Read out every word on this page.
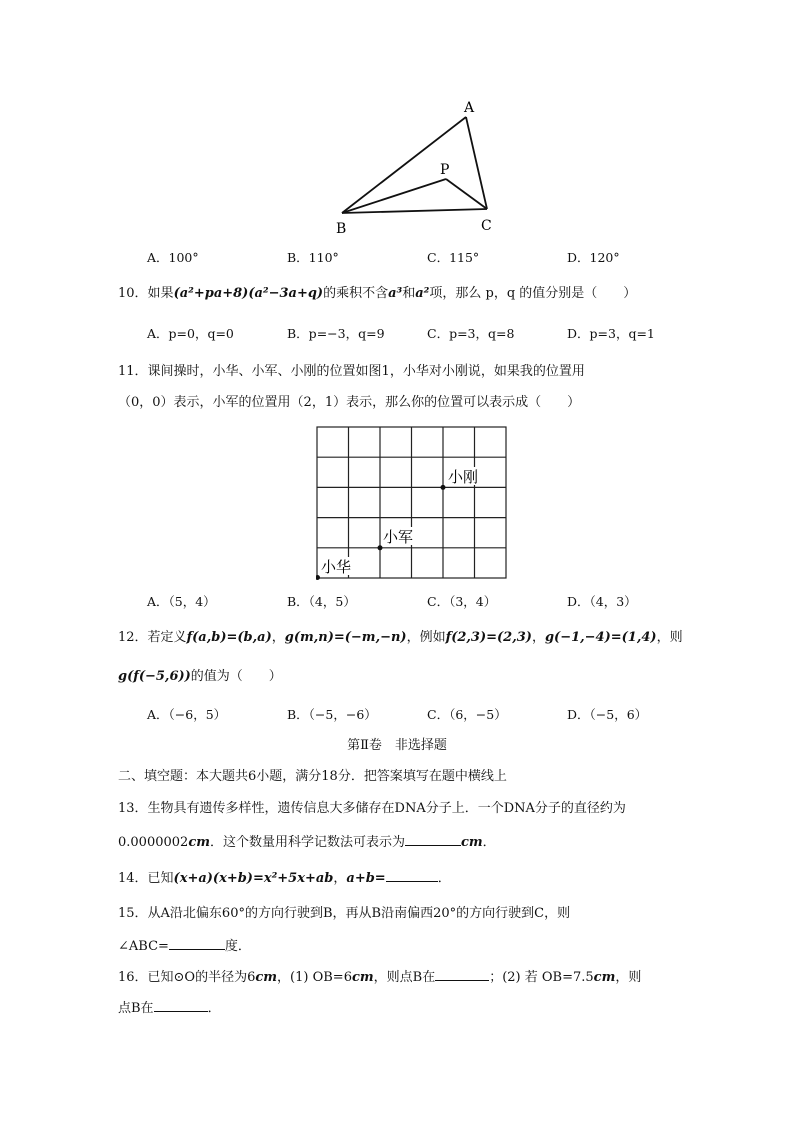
A
P
B	C
A．100°	B．110°	C．115°	D．120°
10．如果(a²+pa+8)(a²−3a+q)的乘积不含a³和a²项，那么 p，q 的值分别是（　　）
A．p=0，q=0	B．p=−3，q=9	C．p=3，q=8	D．p=3，q=1
11．课间操时，小华、小军、小刚的位置如图1，小华对小刚说，如果我的位置用
（0，0）表示，小军的位置用（2，1）表示，那么你的位置可以表示成（　　）
小华
小军
小刚
A．（5，4）	B．（4，5）	C．（3，4）	D．（4，3）
12．若定义f(a,b)=(b,a)，g(m,n)=(−m,−n)，例如f(2,3)=(2,3)，g(−1,−4)=(1,4)，则
g(f(−5,6))的值为（　　）
A．（−6，5）	B．（−5，−6）	C．（6，−5）	D．（−5，6）
第Ⅱ卷　非选择题
二、填空题：本大题共6小题，满分18分．把答案填写在题中横线上
13．生物具有遗传多样性，遗传信息大多储存在DNA分子上．一个DNA分子的直径约为
0.0000002cm．这个数量用科学记数法可表示为	cm．
14．已知(x+a)(x+b)=x²+5x+ab，a+b=	．
15．从A沿北偏东60°的方向行驶到B，再从B沿南偏西20°的方向行驶到C，则
∠ABC=	度．
16．已知⊙O的半径为6cm，(1) OB=6cm，则点B在	；(2) 若 OB=7.5cm，则
点B在	．
